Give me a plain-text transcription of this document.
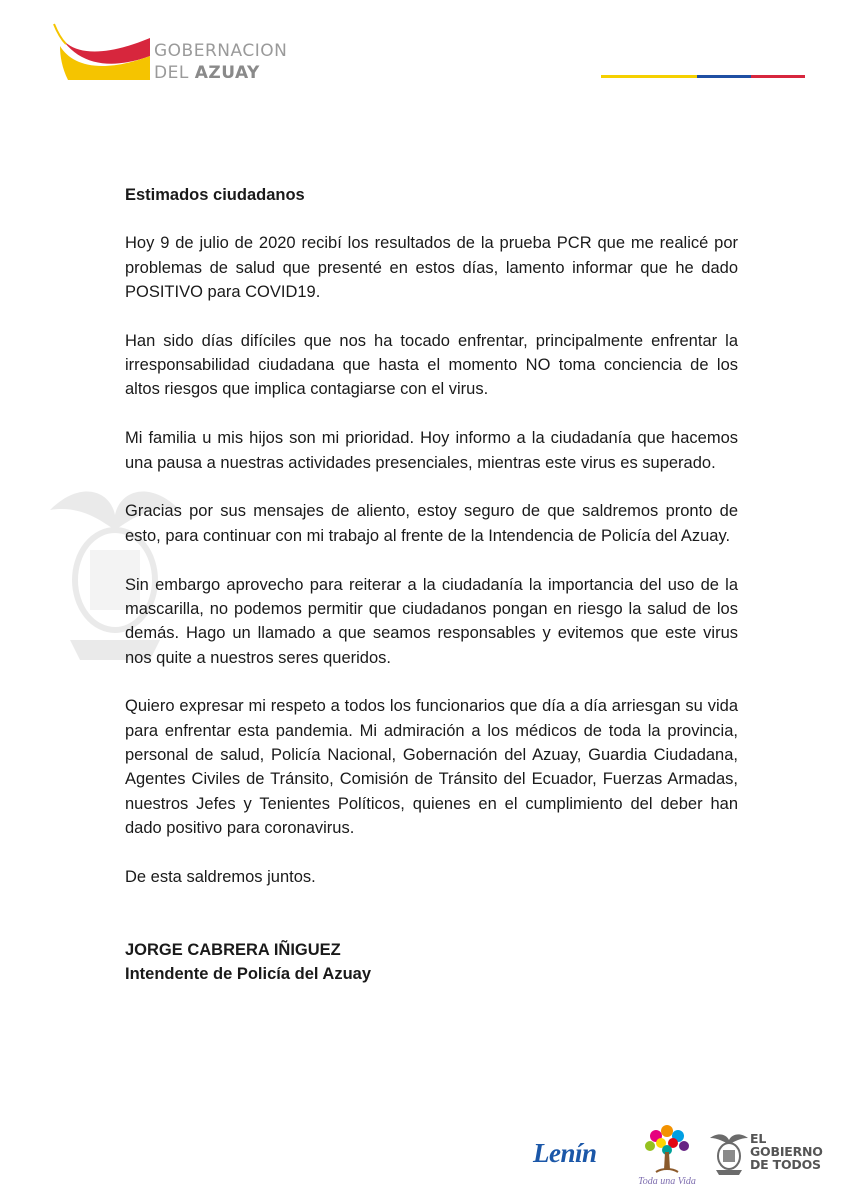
GOBERNACION
DEL AZUAY

Estimados ciudadanos

Hoy 9 de julio de 2020 recibí los resultados de la prueba PCR que me realicé por problemas de salud que presenté en estos días, lamento informar que he dado POSITIVO para COVID19.

Han sido días difíciles que nos ha tocado enfrentar, principalmente enfrentar la irresponsabilidad ciudadana que hasta el momento NO toma conciencia de los altos riesgos que implica contagiarse con el virus.

Mi familia u mis hijos son mi prioridad. Hoy informo a la ciudadanía que hacemos una pausa a nuestras actividades presenciales, mientras este virus es superado.

Gracias por sus mensajes de aliento, estoy seguro de que saldremos pronto de esto, para continuar con mi trabajo al frente de la Intendencia de Policía del Azuay.

Sin embargo aprovecho para reiterar a la ciudadanía la importancia del uso de la mascarilla, no podemos permitir que ciudadanos pongan en riesgo la salud de los demás. Hago un llamado a que seamos responsables y evitemos que este virus nos quite a nuestros seres queridos.

Quiero expresar mi respeto a todos los funcionarios que día a día arriesgan su vida para enfrentar esta pandemia. Mi admiración a los médicos de toda la provincia, personal de salud, Policía Nacional, Gobernación del Azuay, Guardia Ciudadana, Agentes Civiles de Tránsito, Comisión de Tránsito del Ecuador, Fuerzas Armadas, nuestros Jefes y Tenientes Políticos, quienes en el cumplimiento del deber han dado positivo para coronavirus.

De esta saldremos juntos.

JORGE CABRERA IÑIGUEZ

Intendente de Policía del Azuay

Lenín
Toda una Vida
EL
GOBIERNO
DE TODOS
